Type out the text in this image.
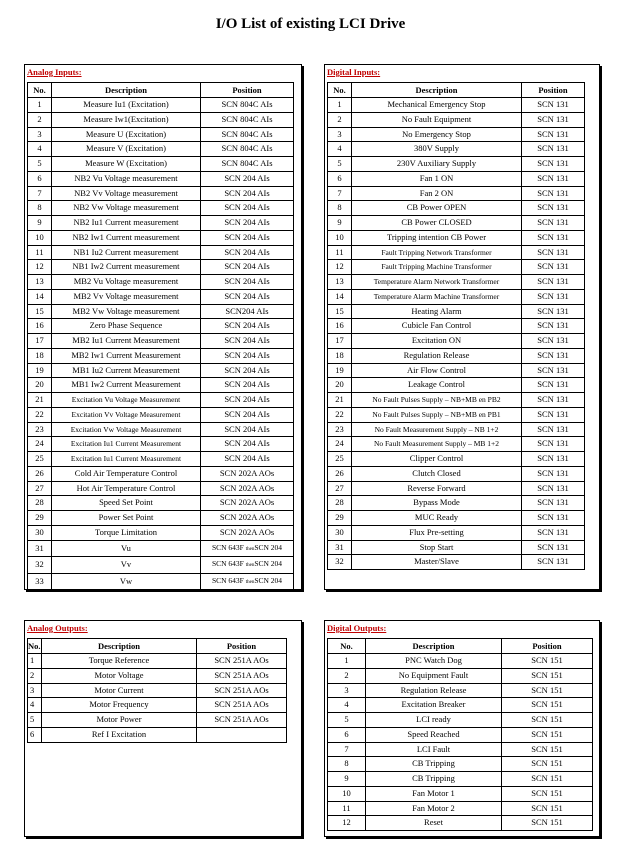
I/O List of existing LCI Drive
Analog Inputs:
No.	Description	Position
1	Measure Iu1 (Excitation)	SCN 804C AIs
2	Measure Iw1(Excitation)	SCN 804C AIs
3	Measure U (Excitation)	SCN 804C AIs
4	Measure V (Excitation)	SCN 804C AIs
5	Measure W (Excitation)	SCN 804C AIs
6	NB2 Vu Voltage measurement	SCN 204 AIs
7	NB2 Vv Voltage measurement	SCN 204 AIs
8	NB2 Vw Voltage measurement	SCN 204 AIs
9	NB2 Iu1 Current measurement	SCN 204 AIs
10	NB2 Iw1 Current measurement	SCN 204 AIs
11	NB1 Iu2 Current measurement	SCN 204 AIs
12	NB1 Iw2 Current measurement	SCN 204 AIs
13	MB2 Vu Voltage measurement	SCN 204 AIs
14	MB2 Vv Voltage measurement	SCN 204 AIs
15	MB2 Vw Voltage measurement	SCN204 AIs
16	Zero Phase Sequence	SCN 204 AIs
17	MB2 Iu1 Current Measurement	SCN 204 AIs
18	MB2 Iw1 Current Measurement	SCN 204 AIs
19	MB1 Iu2 Current Measurement	SCN 204 AIs
20	MB1 Iw2 Current Measurement	SCN 204 AIs
21	Excitation Vu Voltage Measurement	SCN 204 AIs
22	Excitation Vv Voltage Measurement	SCN 204 AIs
23	Excitation Vw Voltage Measurement	SCN 204 AIs
24	Excitation Iu1 Current Measurement	SCN 204 AIs
25	Excitation Iu1 Current Measurement	SCN 204 AIs
26	Cold Air Temperature Control	SCN 202A AOs
27	Hot Air Temperature Control	SCN 202A AOs
28	Speed Set Point	SCN 202A AOs
29	Power Set Point	SCN 202A AOs
30	Torque Limitation	SCN 202A AOs
31	Vu	SCN 643F thenSCN 204
32	Vv	SCN 643F thenSCN 204
33	Vw	SCN 643F thenSCN 204
Digital Inputs:
No.	Description	Position
1	Mechanical Emergency Stop	SCN 131
2	No Fault Equipment	SCN 131
3	No Emergency Stop	SCN 131
4	380V Supply	SCN 131
5	230V Auxiliary Supply	SCN 131
6	Fan 1 ON	SCN 131
7	Fan 2 ON	SCN 131
8	CB Power OPEN	SCN 131
9	CB Power CLOSED	SCN 131
10	Tripping intention CB Power	SCN 131
11	Fault Tripping Network Transformer	SCN 131
12	Fault Tripping Machine Transformer	SCN 131
13	Temperature Alarm Network Transformer	SCN 131
14	Temperature Alarm Machine Transformer	SCN 131
15	Heating Alarm	SCN 131
16	Cubicle Fan Control	SCN 131
17	Excitation ON	SCN 131
18	Regulation Release	SCN 131
19	Air Flow Control	SCN 131
20	Leakage Control	SCN 131
21	No Fault Pulses Supply – NB+MB en PB2	SCN 131
22	No Fault Pulses Supply – NB+MB en PB1	SCN 131
23	No Fault Measurement Supply – NB 1+2	SCN 131
24	No Fault Measurement Supply – MB 1+2	SCN 131
25	Clipper Control	SCN 131
26	Clutch Closed	SCN 131
27	Reverse Forward	SCN 131
28	Bypass Mode	SCN 131
29	MUC Ready	SCN 131
30	Flux Pre-setting	SCN 131
31	Stop Start	SCN 131
32	Master/Slave	SCN 131
Analog Outputs:
No.	Description	Position
1	Torque Reference	SCN 251A AOs
2	Motor Voltage	SCN 251A AOs
3	Motor Current	SCN 251A AOs
4	Motor Frequency	SCN 251A AOs
5	Motor Power	SCN 251A AOs
6	Ref I Excitation	
Digital Outputs:
No.	Description	Position
1	PNC Watch Dog	SCN 151
2	No Equipment Fault	SCN 151
3	Regulation Release	SCN 151
4	Excitation Breaker	SCN 151
5	LCI ready	SCN 151
6	Speed Reached	SCN 151
7	LCI Fault	SCN 151
8	CB Tripping	SCN 151
9	CB Tripping	SCN 151
10	Fan Motor 1	SCN 151
11	Fan Motor 2	SCN 151
12	Reset	SCN 151
